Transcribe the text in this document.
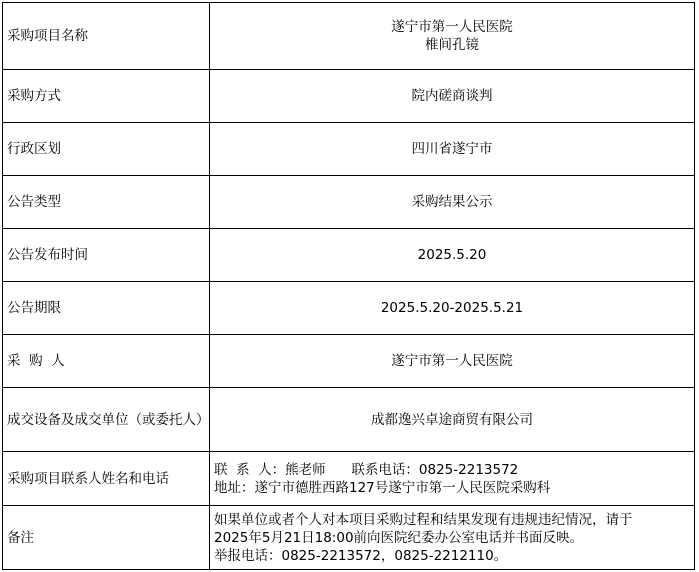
采购项目名称	遂宁市第一人民医院
椎间孔镜

采购方式	院内磋商谈判
行政区划	四川省遂宁市
公告类型	采购结果公示
公告发布时间	2025.5.20
公告期限	2025.5.20-2025.5.21
采  购  人	遂宁市第一人民医院
成交设备及成交单位（或委托人）	成都逸兴卓途商贸有限公司
采购项目联系人姓名和电话	联  系  人：熊老师      联系电话：0825-2213572
地址：遂宁市德胜西路127号遂宁市第一人民医院采购科

备注	如果单位或者个人对本项目采购过程和结果发现有违规违纪情况，请于
2025年5月21日18:00前向医院纪委办公室电话并书面反映。
举报电话：0825-2213572，0825-2212110。
